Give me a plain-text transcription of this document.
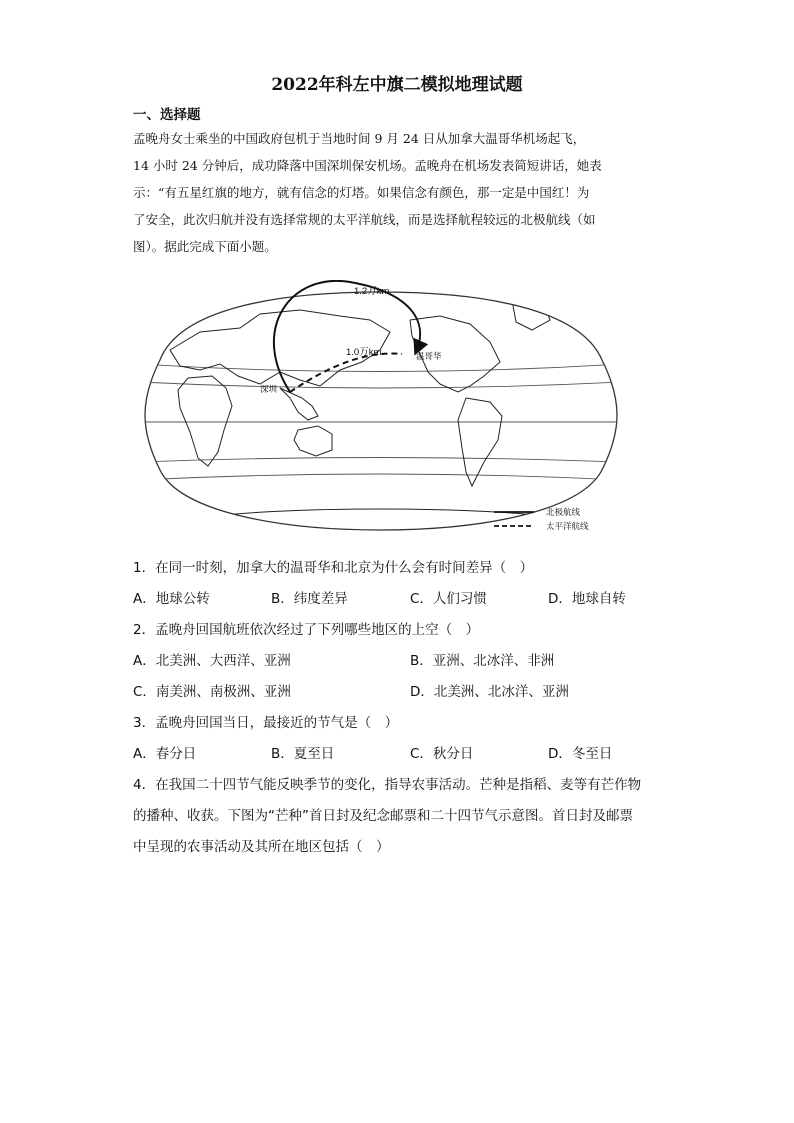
2022年科左中旗二模拟地理试题
一、选择题
孟晚舟女士乘坐的中国政府包机于当地时间 9 月 24 日从加拿大温哥华机场起飞，
14 小时 24 分钟后，成功降落中国深圳保安机场。孟晚舟在机场发表简短讲话，她表
示：“有五星红旗的地方，就有信念的灯塔。如果信念有颜色，那一定是中国红！为
了安全，此次归航并没有选择常规的太平洋航线，而是选择航程较远的北极航线（如
图）。据此完成下面小题。
1.2万km
1.0万km	温哥华
深圳
北极航线
太平洋航线
1．在同一时刻，加拿大的温哥华和北京为什么会有时间差异（　）
A．地球公转	B．纬度差异	C．人们习惯	D．地球自转
2．孟晚舟回国航班依次经过了下列哪些地区的上空（　）
A．北美洲、大西洋、亚洲	B．亚洲、北冰洋、非洲
C．南美洲、南极洲、亚洲	D．北美洲、北冰洋、亚洲
3．孟晚舟回国当日，最接近的节气是（　）
A．春分日	B．夏至日	C．秋分日	D．冬至日
4．在我国二十四节气能反映季节的变化，指导农事活动。芒种是指稻、麦等有芒作物
的播种、收获。下图为“芒种”首日封及纪念邮票和二十四节气示意图。首日封及邮票
中呈现的农事活动及其所在地区包括（　）
